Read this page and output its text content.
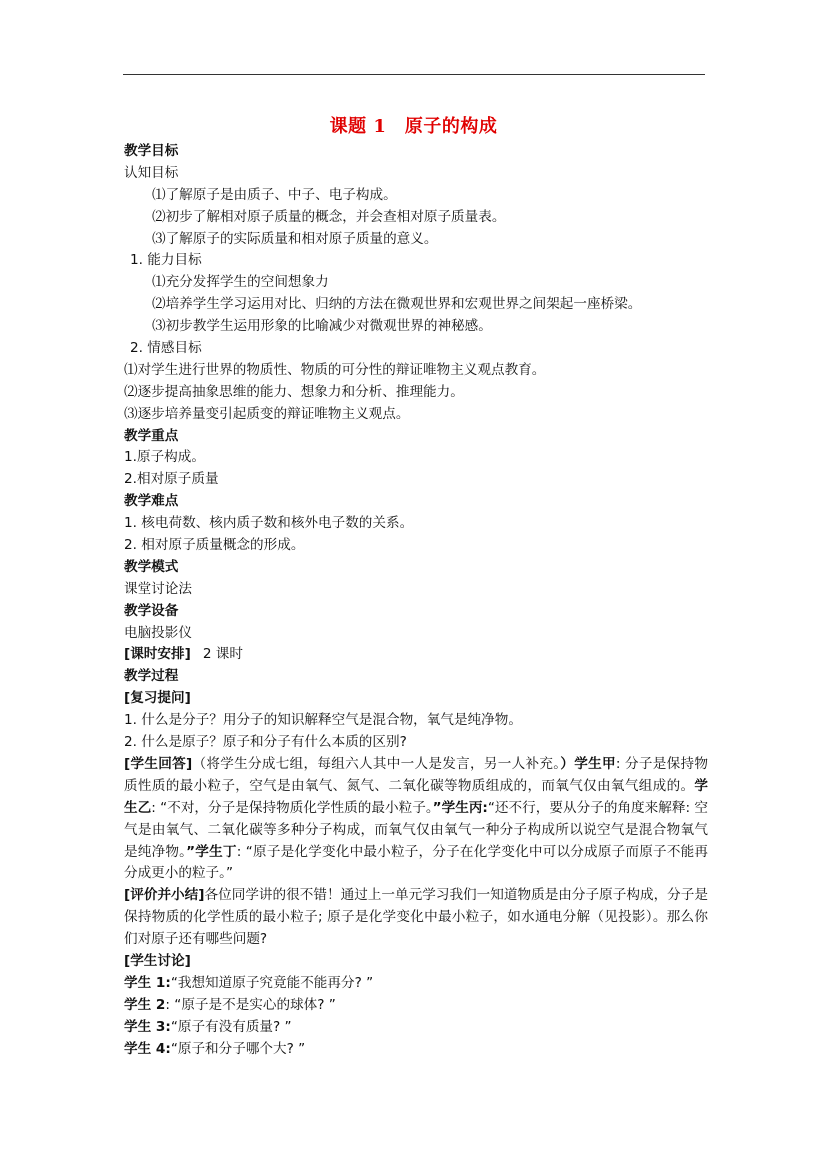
课题 1　原子的构成
教学目标
认知目标
⑴了解原子是由质子、中子、电子构成。
⑵初步了解相对原子质量的概念，并会查相对原子质量表。
⑶了解原子的实际质量和相对原子质量的意义。
1. 能力目标
⑴充分发挥学生的空间想象力
⑵培养学生学习运用对比、归纳的方法在微观世界和宏观世界之间架起一座桥梁。
⑶初步教学生运用形象的比喻减少对微观世界的神秘感。
2. 情感目标
⑴对学生进行世界的物质性、物质的可分性的辩证唯物主义观点教育。
⑵逐步提高抽象思维的能力、想象力和分析、推理能力。
⑶逐步培养量变引起质变的辩证唯物主义观点。
教学重点
1.原子构成。
2.相对原子质量
教学难点
1. 核电荷数、核内质子数和核外电子数的关系。
2. 相对原子质量概念的形成。
教学模式
课堂讨论法
教学设备
电脑投影仪
[课时安排] 2 课时
教学过程
[复习提问]
1. 什么是分子？用分子的知识解释空气是混合物，氧气是纯净物。
2. 什么是原子？原子和分子有什么本质的区别?
[学生回答]（将学生分成七组，每组六人其中一人是发言，另一人补充。）学生甲: 分子是保持物质性质的最小粒子，空气是由氧气、氮气、二氧化碳等物质组成的，而氧气仅由氧气组成的。学生乙: “不对，分子是保持物质化学性质的最小粒子。”学生丙:“还不行，要从分子的角度来解释: 空气是由氧气、二氧化碳等多种分子构成，而氧气仅由氧气一种分子构成所以说空气是混合物氧气是纯净物。”学生丁: “原子是化学变化中最小粒子，分子在化学变化中可以分成原子而原子不能再分成更小的粒子。”
[评价并小结]各位同学讲的很不错！通过上一单元学习我们一知道物质是由分子原子构成，分子是保持物质的化学性质的最小粒子; 原子是化学变化中最小粒子，如水通电分解（见投影）。那么你们对原子还有哪些问题?
[学生讨论]
学生 1:“我想知道原子究竟能不能再分? ”
学生 2: “原子是不是实心的球体? ”
学生 3:“原子有没有质量? ”
学生 4:“原子和分子哪个大? ”
